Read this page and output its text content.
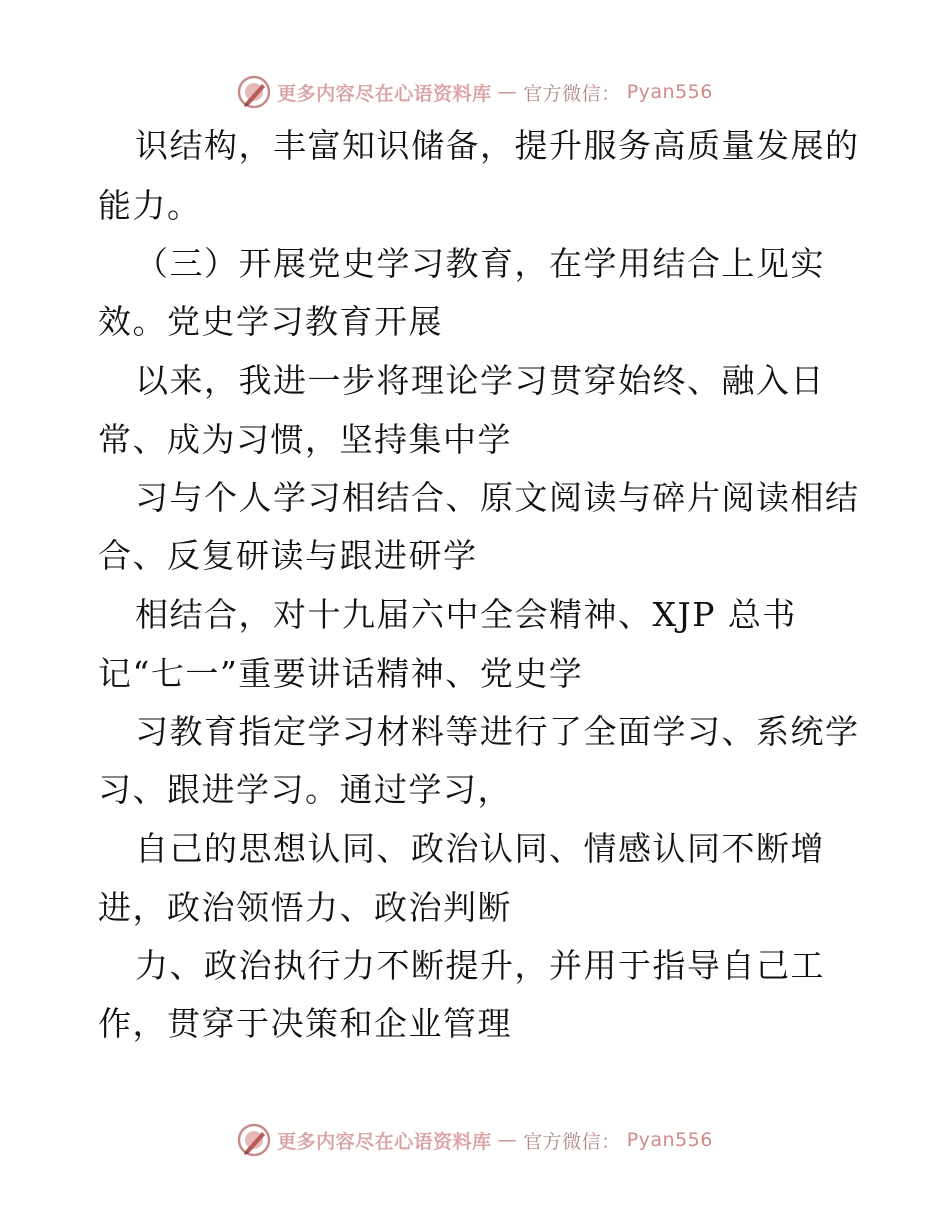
更多内容尽在心语资料库 — 官方微信： Pyan556
识结构，丰富知识储备，提升服务高质量发展的
能力。
（三）开展党史学习教育，在学用结合上见实
效。党史学习教育开展
以来，我进一步将理论学习贯穿始终、融入日
常、成为习惯，坚持集中学
习与个人学习相结合、原文阅读与碎片阅读相结
合、反复研读与跟进研学
相结合，对十九届六中全会精神、XJP 总书
记“七一”重要讲话精神、党史学
习教育指定学习材料等进行了全面学习、系统学
习、跟进学习。通过学习，
自己的思想认同、政治认同、情感认同不断增
进，政治领悟力、政治判断
力、政治执行力不断提升，并用于指导自己工
作，贯穿于决策和企业管理
更多内容尽在心语资料库 — 官方微信： Pyan556
